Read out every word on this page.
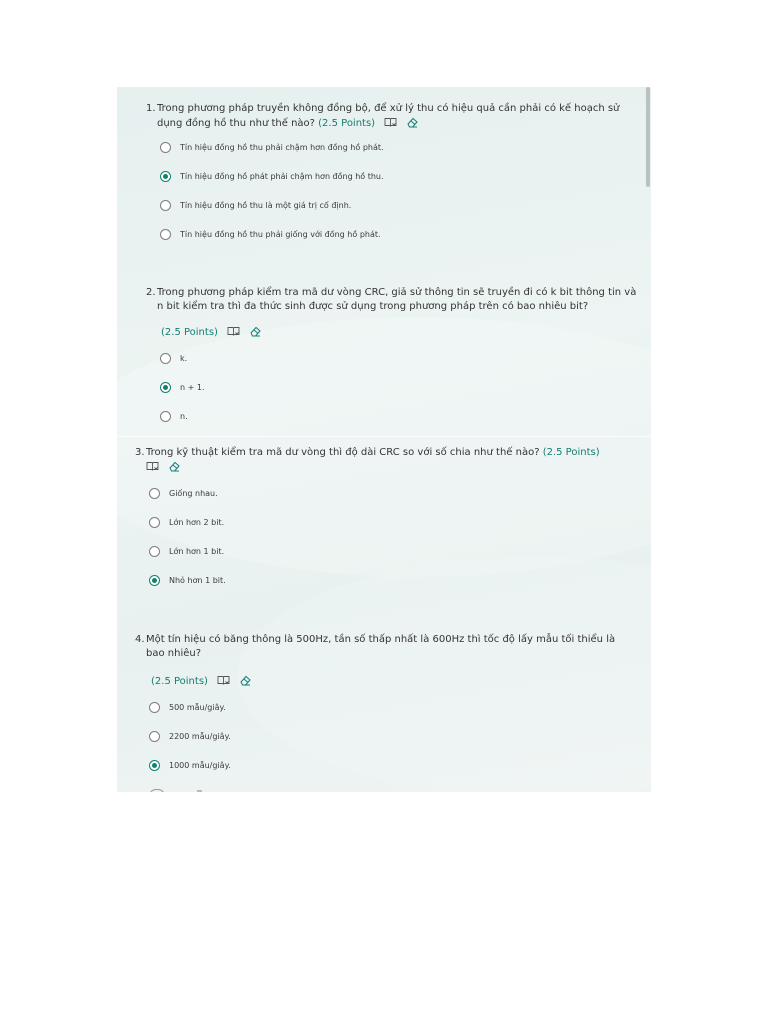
1.Trong phương pháp truyền không đồng bộ, để xử lý thu có hiệu quả cần phải có kế hoạch sử
dụng đồng hồ thu như thế nào? (2.5 Points)
Tín hiệu đồng hồ thu phải chậm hơn đồng hồ phát.
Tín hiệu đồng hồ phát phải chậm hơn đồng hồ thu.
Tín hiệu đồng hồ thu là một giá trị cố định.
Tín hiệu đồng hồ thu phải giống với đồng hồ phát.
2.Trong phương pháp kiểm tra mã dư vòng CRC, giả sử thông tin sẽ truyền đi có k bit thông tin và
n bit kiểm tra thì đa thức sinh được sử dụng trong phương pháp trên có bao nhiêu bit?
(2.5 Points)
k.
n + 1.
n.
3.Trong kỹ thuật kiểm tra mã dư vòng thì độ dài CRC so với số chia như thế nào? (2.5 Points)

Giống nhau.
Lớn hơn 2 bit.
Lớn hơn 1 bit.
Nhỏ hơn 1 bit.
4.Một tín hiệu có băng thông là 500Hz, tần số thấp nhất là 600Hz thì tốc độ lấy mẫu tối thiểu là
bao nhiêu?
(2.5 Points)
500 mẫu/giây.
2200 mẫu/giây.
1000 mẫu/giây.
